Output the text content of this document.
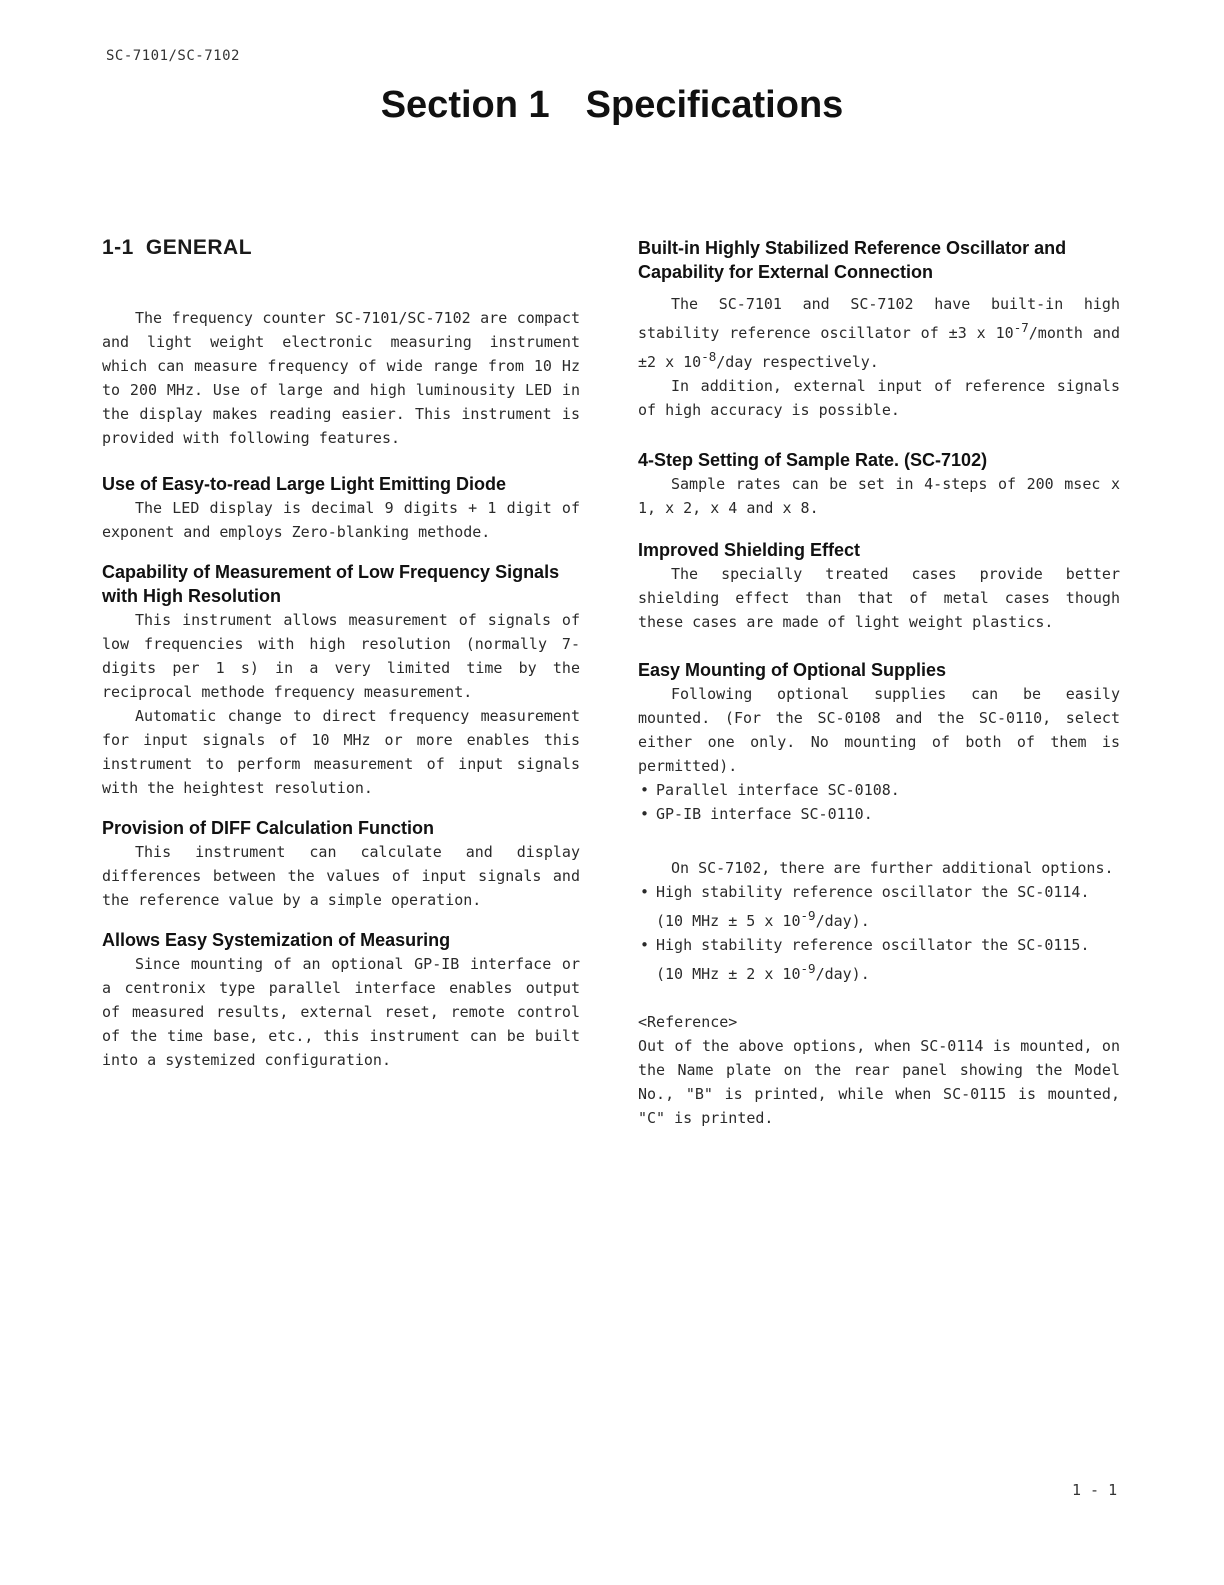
SC-7101/SC-7102
Section 1 Specifications
1-1 GENERAL

The frequency counter SC-7101/SC-7102 are compact and light weight electronic measuring instrument which can measure frequency of wide range from 10 Hz to 200 MHz. Use of large and high luminousity LED in the display makes reading easier. This instrument is provided with following features.

Use of Easy-to-read Large Light Emitting Diode

The LED display is decimal 9 digits + 1 digit of exponent and employs Zero-blanking methode.

Capability of Measurement of Low Frequency Signals with High Resolution

This instrument allows measurement of signals of low frequencies with high resolution (normally 7-digits per 1 s) in a very limited time by the reciprocal methode frequency measurement.

Automatic change to direct frequency measurement for input signals of 10 MHz or more enables this instrument to perform measurement of input signals with the heightest resolution.

Provision of DIFF Calculation Function

This instrument can calculate and display differences between the values of input signals and the reference value by a simple operation.

Allows Easy Systemization of Measuring

Since mounting of an optional GP-IB interface or a centronix type parallel interface enables output of measured results, external reset, remote control of the time base, etc., this instrument can be built into a systemized configuration.

Built-in Highly Stabilized Reference Oscillator and Capability for External Connection

The SC-7101 and SC-7102 have built-in high stability reference oscillator of ±3 x $10^{-7}$/month and ±2 x $10^{-8}$/day respectively.

In addition, external input of reference signals of high accuracy is possible.

4-Step Setting of Sample Rate. (SC-7102)

Sample rates can be set in 4-steps of 200 msec x 1, x 2, x 4 and x 8.

Improved Shielding Effect

The specially treated cases provide better shielding effect than that of metal cases though these cases are made of light weight plastics.

Easy Mounting of Optional Supplies

Following optional supplies can be easily mounted. (For the SC-0108 and the SC-0110, select either one only. No mounting of both of them is permitted).

• Parallel interface SC-0108.
• GP-IB interface SC-0110.

On SC-7102, there are further additional options.

• High stability reference oscillator the SC-0114.
(10 MHz ± 5 x $10^{-9}/day$).
• High stability reference oscillator the SC-0115.
(10 MHz ± 2 x $10^{-9}/day$).

<Reference>

Out of the above options, when SC-0114 is mounted, on the Name plate on the rear panel showing the Model No., "B" is printed, while when SC-0115 is mounted, "C" is printed.

1 - 1
